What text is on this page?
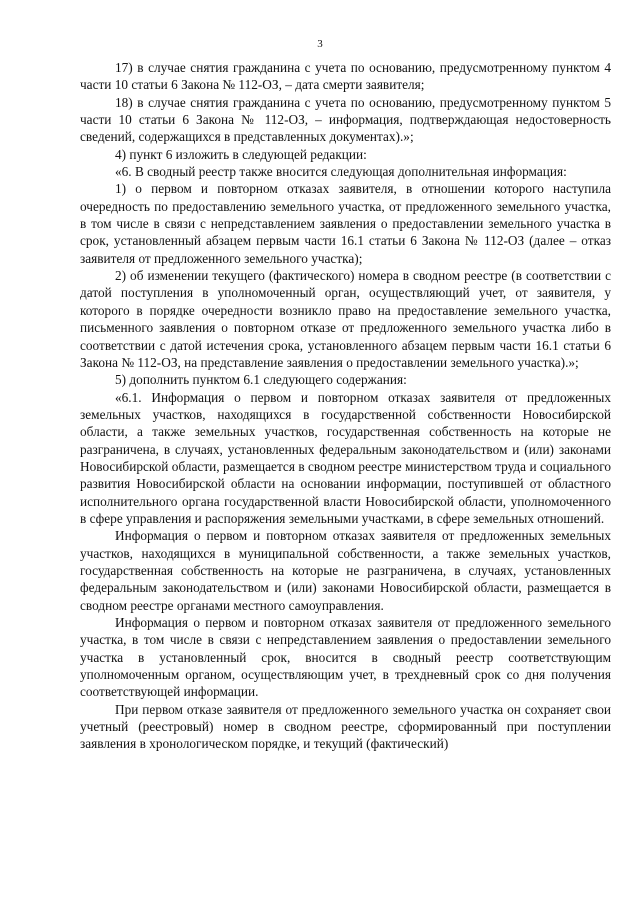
3

17) в случае снятия гражданина с учета по основанию, предусмотренному пунктом 4 части 10 статьи 6 Закона № 112-ОЗ, – дата смерти заявителя;

18) в случае снятия гражданина с учета по основанию, предусмотренному пунктом 5 части 10 статьи 6 Закона № 112-ОЗ, – информация, подтверждающая недостоверность сведений, содержащихся в представленных документах).»;

4) пункт 6 изложить в следующей редакции:

«6. В сводный реестр также вносится следующая дополнительная информация:

1) о первом и повторном отказах заявителя, в отношении которого наступила очередность по предоставлению земельного участка, от предложенного земельного участка, в том числе в связи с непредставлением заявления о предоставлении земельного участка в срок, установленный абзацем первым части 16.1 статьи 6 Закона № 112-ОЗ (далее – отказ заявителя от предложенного земельного участка);

2) об изменении текущего (фактического) номера в сводном реестре (в соответствии с датой поступления в уполномоченный орган, осуществляющий учет, от заявителя, у которого в порядке очередности возникло право на предоставление земельного участка, письменного заявления о повторном отказе от предложенного земельного участка либо в соответствии с датой истечения срока, установленного абзацем первым части 16.1 статьи 6 Закона № 112-ОЗ, на представление заявления о предоставлении земельного участка).»;

5) дополнить пунктом 6.1 следующего содержания:

«6.1. Информация о первом и повторном отказах заявителя от предложенных земельных участков, находящихся в государственной собственности Новосибирской области, а также земельных участков, государственная собственность на которые не разграничена, в случаях, установленных федеральным законодательством и (или) законами Новосибирской области, размещается в сводном реестре министерством труда и социального развития Новосибирской области на основании информации, поступившей от областного исполнительного органа государственной власти Новосибирской области, уполномоченного в сфере управления и распоряжения земельными участками, в сфере земельных отношений.

Информация о первом и повторном отказах заявителя от предложенных земельных участков, находящихся в муниципальной собственности, а также земельных участков, государственная собственность на которые не разграничена, в случаях, установленных федеральным законодательством и (или) законами Новосибирской области, размещается в сводном реестре органами местного самоуправления.

Информация о первом и повторном отказах заявителя от предложенного земельного участка, в том числе в связи с непредставлением заявления о предоставлении земельного участка в установленный срок, вносится в сводный реестр соответствующим уполномоченным органом, осуществляющим учет, в трехдневный срок со дня получения соответствующей информации.

При первом отказе заявителя от предложенного земельного участка он сохраняет свои учетный (реестровый) номер в сводном реестре, сформированный при поступлении заявления в хронологическом порядке, и текущий (фактический)
